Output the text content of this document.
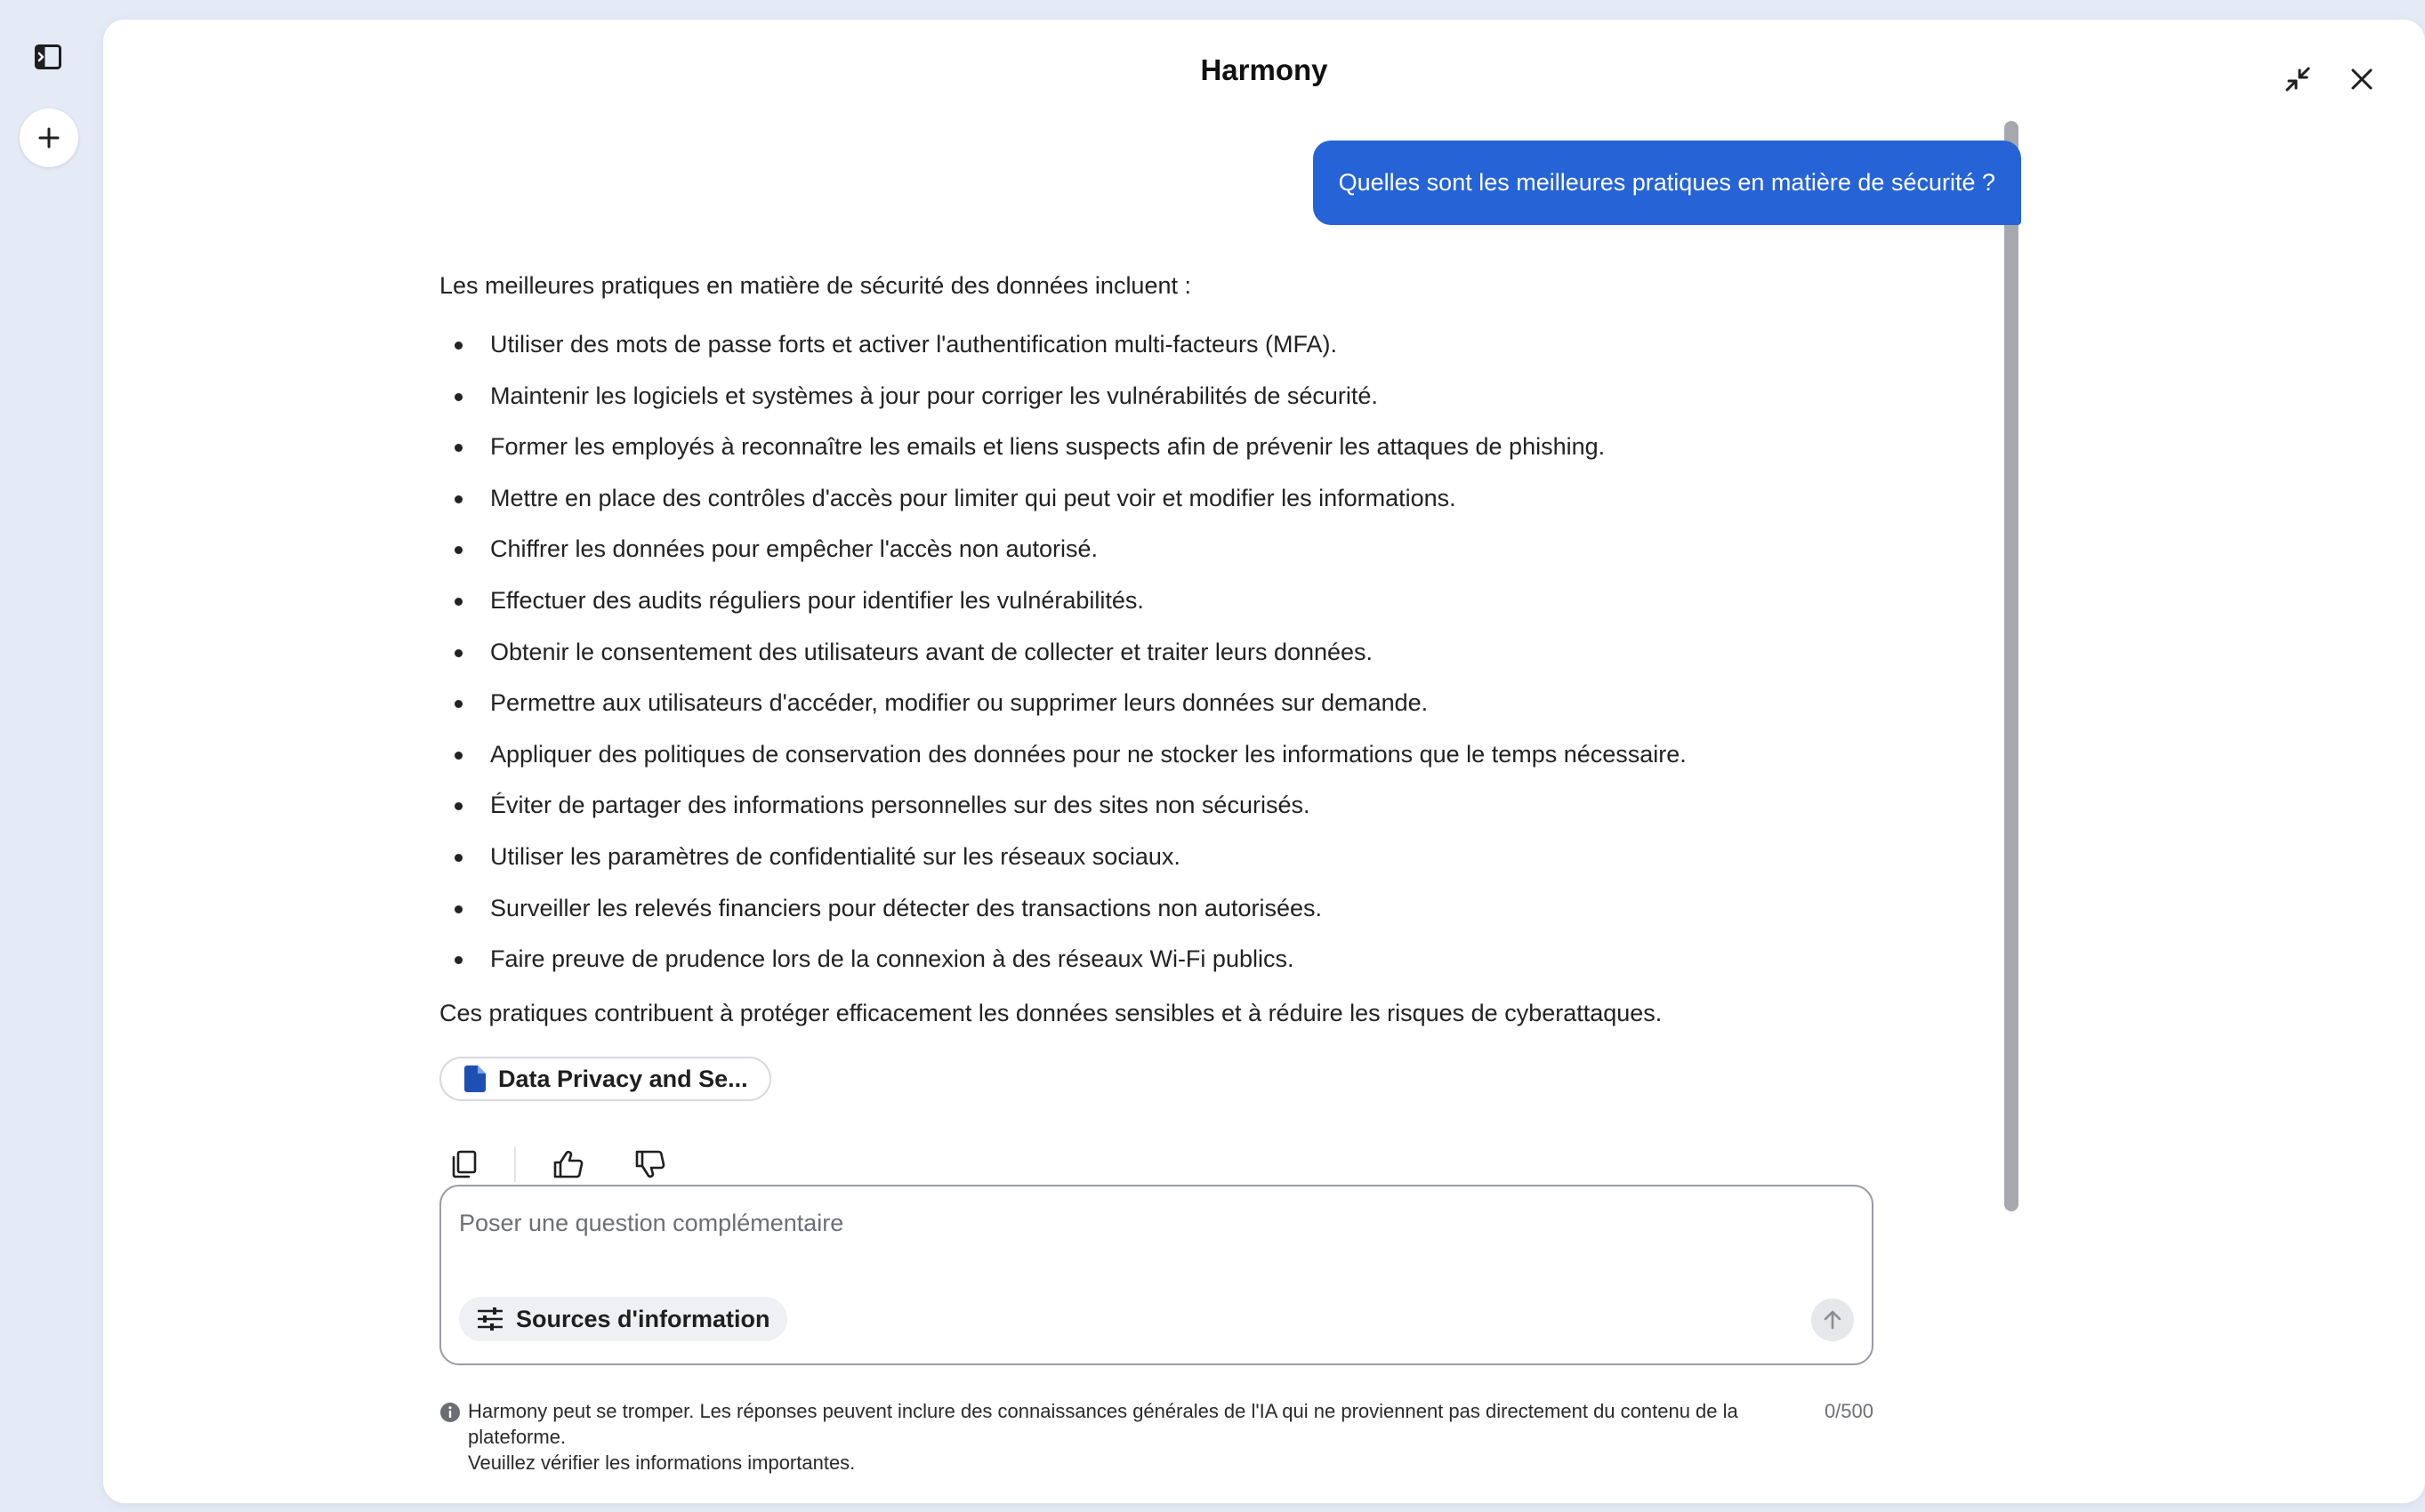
Harmony
Quelles sont les meilleures pratiques en matière de sécurité ?

Les meilleures pratiques en matière de sécurité des données incluent :

Utiliser des mots de passe forts et activer l'authentification multi-facteurs (MFA).
Maintenir les logiciels et systèmes à jour pour corriger les vulnérabilités de sécurité.
Former les employés à reconnaître les emails et liens suspects afin de prévenir les attaques de phishing.
Mettre en place des contrôles d'accès pour limiter qui peut voir et modifier les informations.
Chiffrer les données pour empêcher l'accès non autorisé.
Effectuer des audits réguliers pour identifier les vulnérabilités.
Obtenir le consentement des utilisateurs avant de collecter et traiter leurs données.
Permettre aux utilisateurs d'accéder, modifier ou supprimer leurs données sur demande.
Appliquer des politiques de conservation des données pour ne stocker les informations que le temps nécessaire.
Éviter de partager des informations personnelles sur des sites non sécurisés.
Utiliser les paramètres de confidentialité sur les réseaux sociaux.
Surveiller les relevés financiers pour détecter des transactions non autorisées.
Faire preuve de prudence lors de la connexion à des réseaux Wi-Fi publics.

Ces pratiques contribuent à protéger efficacement les données sensibles et à réduire les risques de cyberattaques.

Data Privacy and Se...
Poser une question complémentaire
Sources d'information
Harmony peut se tromper. Les réponses peuvent inclure des connaissances générales de l'IA qui ne proviennent pas directement du contenu de la plateforme.
Veuillez vérifier les informations importantes.
0/500
